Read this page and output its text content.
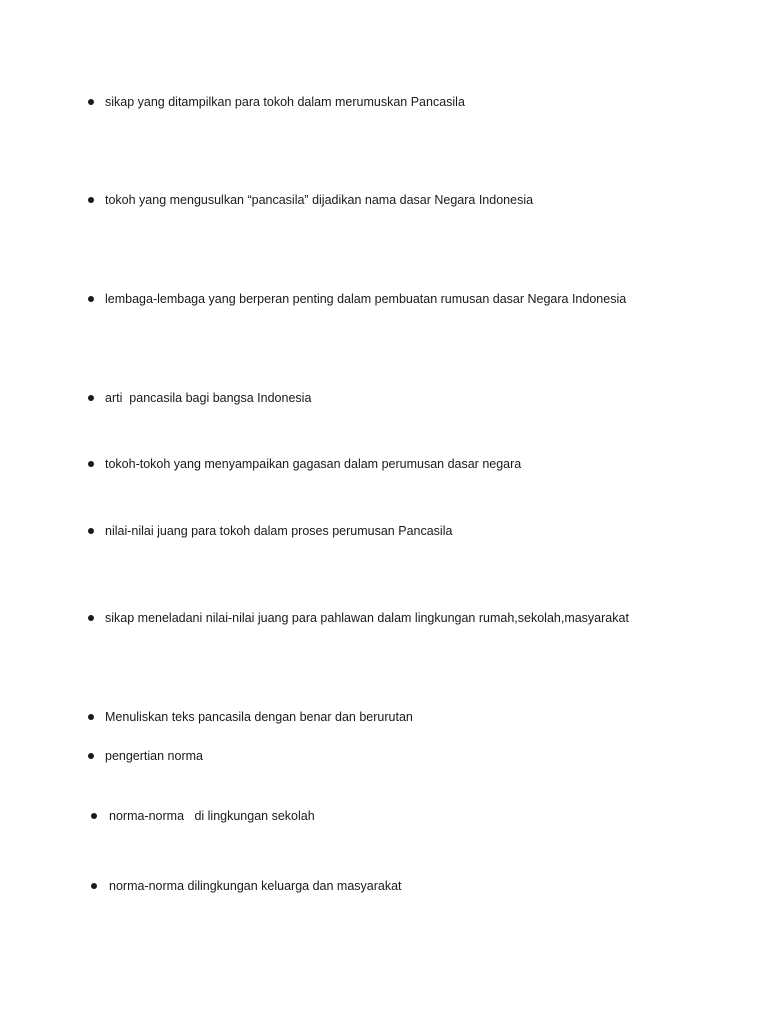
sikap yang ditampilkan para tokoh dalam merumuskan Pancasila
tokoh yang mengusulkan “pancasila” dijadikan nama dasar Negara Indonesia
lembaga-lembaga yang berperan penting dalam pembuatan rumusan dasar Negara Indonesia
arti  pancasila bagi bangsa Indonesia
tokoh-tokoh yang menyampaikan gagasan dalam perumusan dasar negara
nilai-nilai juang para tokoh dalam proses perumusan Pancasila
sikap meneladani nilai-nilai juang para pahlawan dalam lingkungan rumah,sekolah,masyarakat
Menuliskan teks pancasila dengan benar dan berurutan
pengertian norma
norma-norma   di lingkungan sekolah
norma-norma dilingkungan keluarga dan masyarakat
